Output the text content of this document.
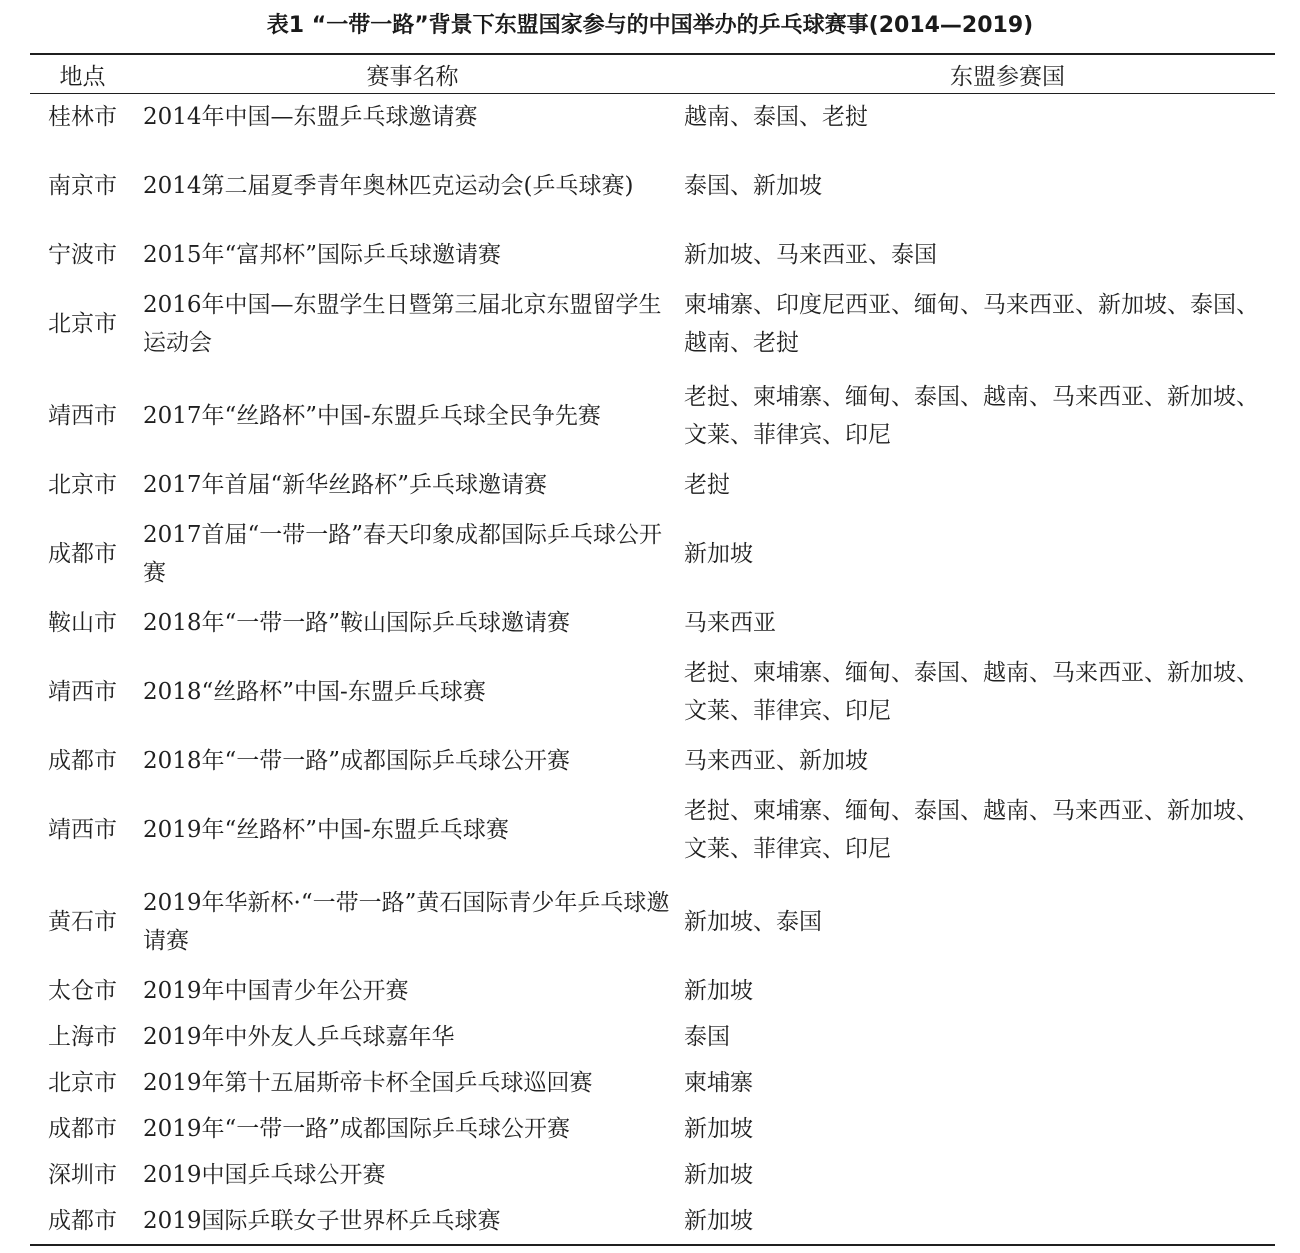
表1 “一带一路”背景下东盟国家参与的中国举办的乒乓球赛事(2014—2019)
地点	赛事名称	东盟参赛国

桂林市	2014年中国—东盟乒乓球邀请赛	越南、泰国、老挝
南京市	2014第二届夏季青年奥林匹克运动会(乒乓球赛)	泰国、新加坡
宁波市	2015年“富邦杯”国际乒乓球邀请赛	新加坡、马来西亚、泰国
北京市	2016年中国—东盟学生日暨第三届北京东盟留学生运动会	柬埔寨、印度尼西亚、缅甸、马来西亚、新加坡、泰国、越南、老挝
靖西市	2017年“丝路杯”中国-东盟乒乓球全民争先赛	老挝、柬埔寨、缅甸、泰国、越南、马来西亚、新加坡、文莱、菲律宾、印尼
北京市	2017年首届“新华丝路杯”乒乓球邀请赛	老挝
成都市	2017首届“一带一路”春天印象成都国际乒乓球公开赛	新加坡
鞍山市	2018年“一带一路”鞍山国际乒乓球邀请赛	马来西亚
靖西市	2018“丝路杯”中国-东盟乒乓球赛	老挝、柬埔寨、缅甸、泰国、越南、马来西亚、新加坡、文莱、菲律宾、印尼
成都市	2018年“一带一路”成都国际乒乓球公开赛	马来西亚、新加坡
靖西市	2019年“丝路杯”中国-东盟乒乓球赛	老挝、柬埔寨、缅甸、泰国、越南、马来西亚、新加坡、文莱、菲律宾、印尼
黄石市	2019年华新杯·“一带一路”黄石国际青少年乒乓球邀请赛	新加坡、泰国
太仓市	2019年中国青少年公开赛	新加坡
上海市	2019年中外友人乒乓球嘉年华	泰国
北京市	2019年第十五届斯帝卡杯全国乒乓球巡回赛	柬埔寨
成都市	2019年“一带一路”成都国际乒乓球公开赛	新加坡
深圳市	2019中国乒乓球公开赛	新加坡
成都市	2019国际乒联女子世界杯乒乓球赛	新加坡
